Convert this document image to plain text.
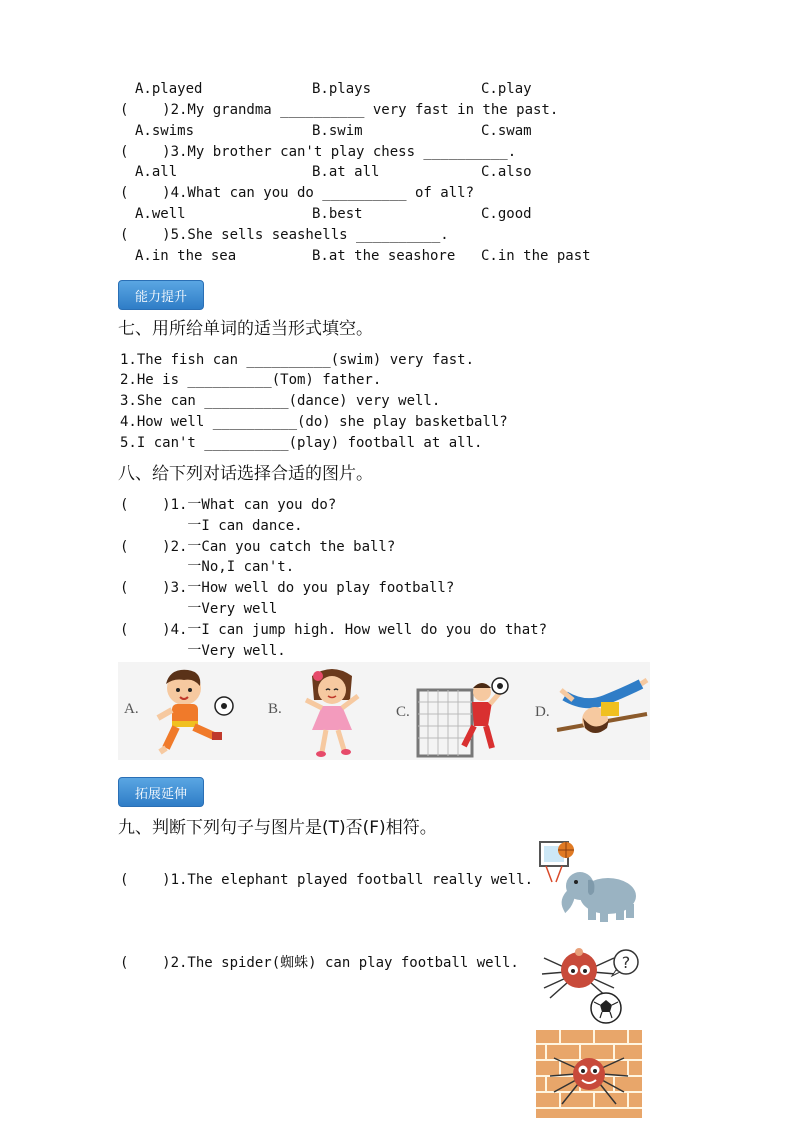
A.played	B.plays	C.play
(    )2.My grandma __________ very fast in the past.
A.swims	B.swim	C.swam
(    )3.My brother can't play chess __________.
A.all	B.at all	C.also
(    )4.What can you do __________ of all?
A.well	B.best	C.good
(    )5.She sells seashells __________.
A.in the sea	B.at the seashore C.in the past
能力提升
七、用所给单词的适当形式填空。
1.The fish can __________(swim) very fast.
2.He is __________(Tom) father.
3.She can __________(dance) very well.
4.How well __________(do) she play basketball?
5.I can't __________(play) football at all.
八、给下列对话选择合适的图片。
(    )1.一What can you do?
一I can dance.
(    )2.一Can you catch the ball?
一No,I can't.
(    )3.一How well do you play football?
一Very well
(    )4.一I can jump high. How well do you do that?
一Very well.
A.	B.	C.	D.
拓展延伸
九、判断下列句子与图片是(T)否(F)相符。
(    )1.The elephant played football really well.
(    )2.The spider(蜘蛛) can play football well.	?
